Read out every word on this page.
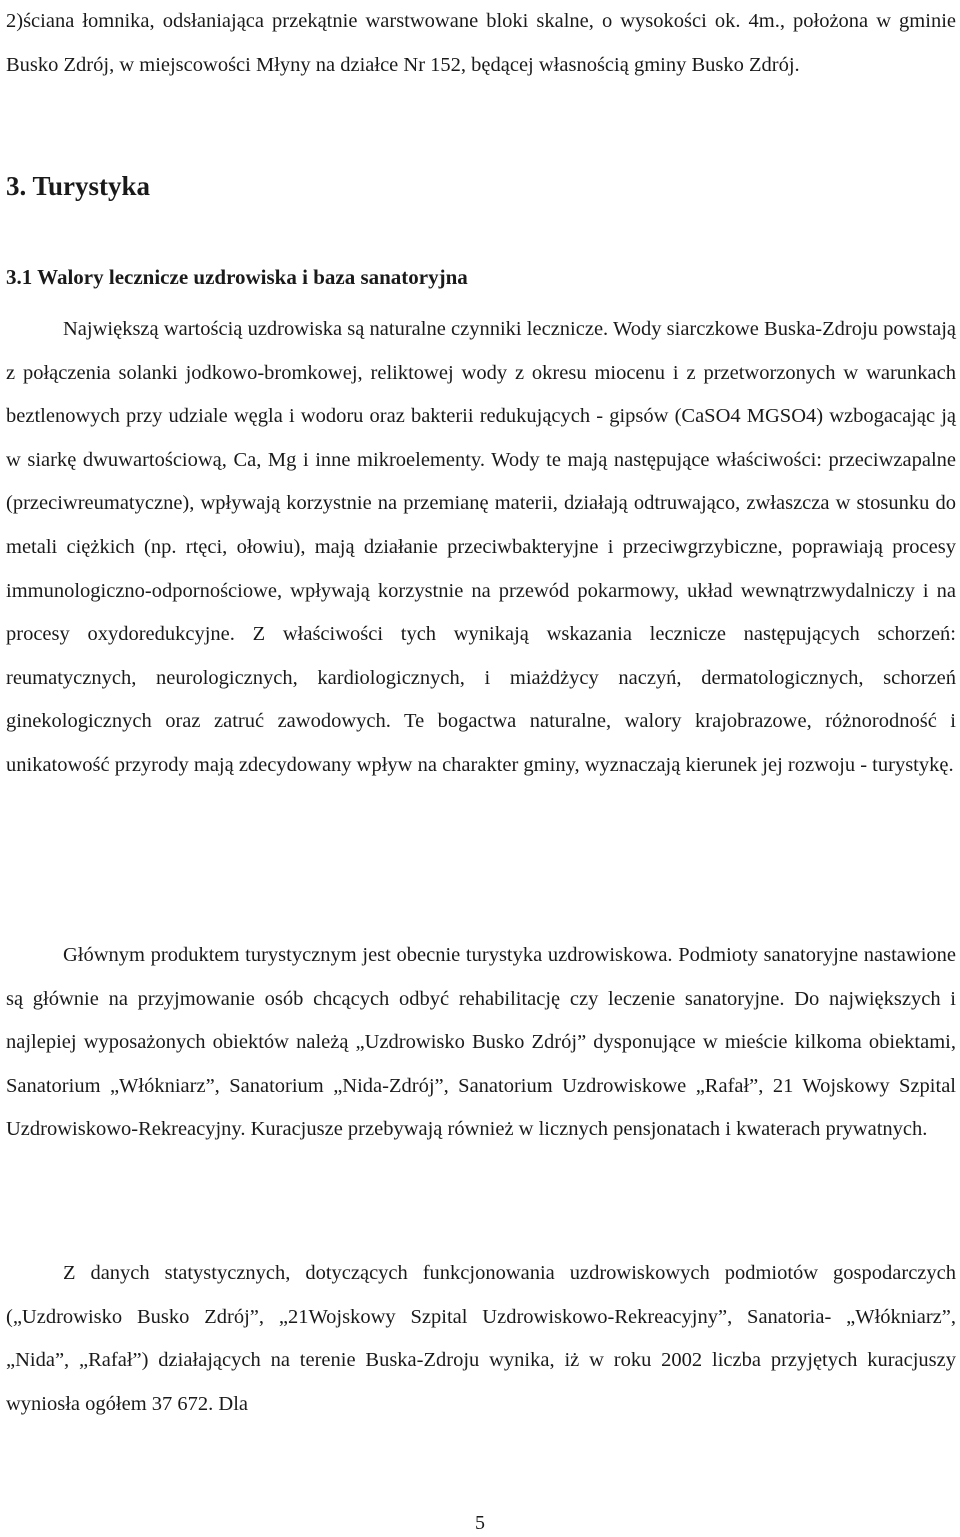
2)ściana łomnika, odsłaniająca przekątnie warstwowane bloki skalne, o wysokości ok. 4m., położona w gminie Busko Zdrój, w miejscowości Młyny na działce Nr 152, będącej własnością gminy Busko Zdrój.

3. Turystyka
3.1 Walory lecznicze uzdrowiska i baza sanatoryjna

Największą wartością uzdrowiska są naturalne czynniki lecznicze. Wody siarczkowe Buska-Zdroju powstają z połączenia solanki jodkowo-bromkowej, reliktowej wody z okresu miocenu i z przetworzonych w warunkach beztlenowych przy udziale węgla i wodoru oraz bakterii redukujących - gipsów (CaSO4 MGSO4) wzbogacając ją w siarkę dwuwartościową, Ca, Mg i inne mikroelementy. Wody te mają następujące właściwości: przeciwzapalne (przeciwreumatyczne), wpływają korzystnie na przemianę materii, działają odtruwająco, zwłaszcza w stosunku do metali ciężkich (np. rtęci, ołowiu), mają działanie przeciwbakteryjne i przeciwgrzybiczne, poprawiają procesy immunologiczno-odpornościowe, wpływają korzystnie na przewód pokarmowy, układ wewnątrzwydalniczy i na procesy oxydoredukcyjne. Z właściwości tych wynikają wskazania lecznicze następujących schorzeń: reumatycznych, neurologicznych, kardiologicznych, i miażdżycy naczyń, dermatologicznych, schorzeń ginekologicznych oraz zatruć zawodowych. Te bogactwa naturalne, walory krajobrazowe, różnorodność i unikatowość przyrody mają zdecydowany wpływ na charakter gminy, wyznaczają kierunek jej rozwoju - turystykę.

Głównym produktem turystycznym jest obecnie turystyka uzdrowiskowa. Podmioty sanatoryjne nastawione są głównie na przyjmowanie osób chcących odbyć rehabilitację czy leczenie sanatoryjne. Do największych i najlepiej wyposażonych obiektów należą „Uzdrowisko Busko Zdrój” dysponujące w mieście kilkoma obiektami, Sanatorium „Włókniarz”, Sanatorium „Nida-Zdrój”, Sanatorium Uzdrowiskowe „Rafał”, 21 Wojskowy Szpital Uzdrowiskowo-Rekreacyjny. Kuracjusze przebywają również w licznych pensjonatach i kwaterach prywatnych.

Z danych statystycznych, dotyczących funkcjonowania uzdrowiskowych podmiotów gospodarczych („Uzdrowisko Busko Zdrój”, „21Wojskowy Szpital Uzdrowiskowo-Rekreacyjny”, Sanatoria- „Włókniarz”, „Nida”, „Rafał”) działających na terenie Buska-Zdroju wynika, iż w roku 2002 liczba przyjętych kuracjuszy wyniosła ogółem 37 672. Dla

5
